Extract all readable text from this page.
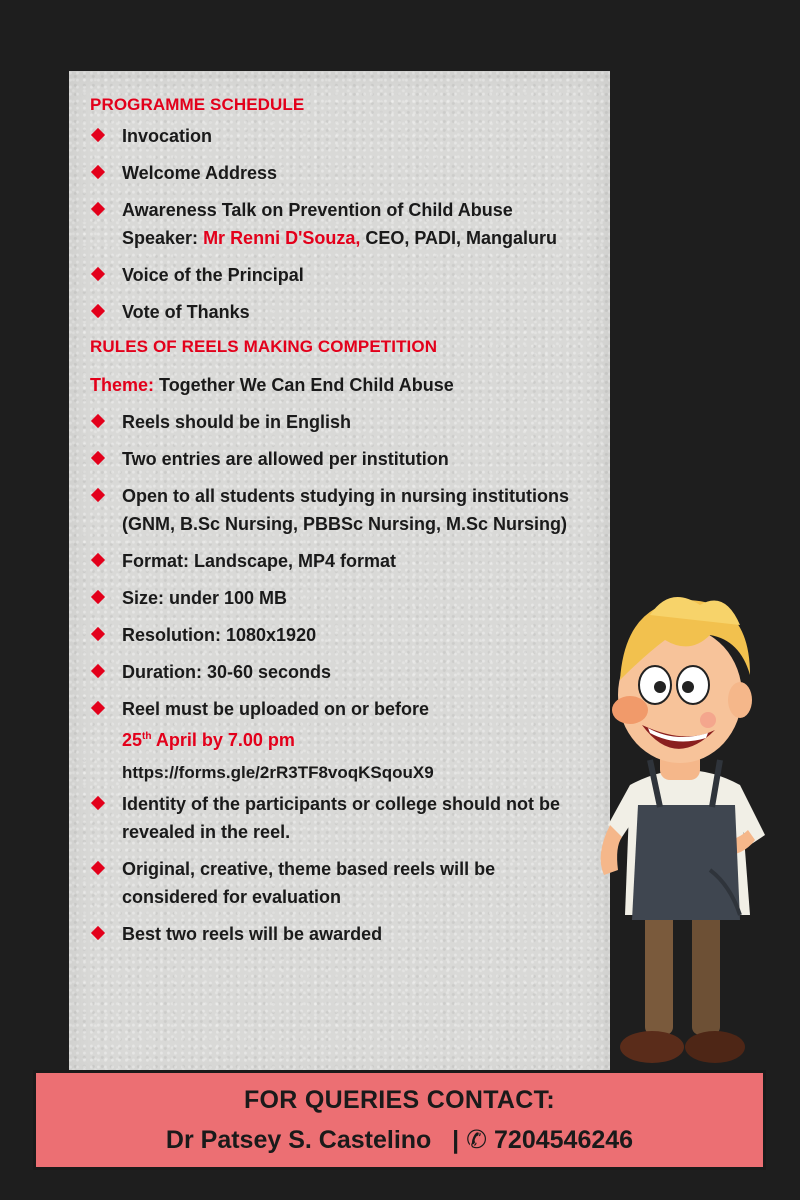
PROGRAMME SCHEDULE
Invocation
Welcome Address
Awareness Talk on Prevention of Child Abuse
Speaker: Mr Renni D'Souza, CEO, PADI, Mangaluru
Voice of the Principal
Vote of Thanks
RULES OF REELS MAKING COMPETITION
Theme: Together We Can End Child Abuse
Reels should be in English
Two entries are allowed per institution
Open to all students studying in nursing institutions
(GNM, B.Sc Nursing, PBBSc Nursing, M.Sc Nursing)
Format: Landscape, MP4 format
Size: under 100 MB
Resolution: 1080x1920
Duration: 30-60 seconds
Reel must be uploaded on or before
25th April by 7.00 pm
https://forms.gle/2rR3TF8voqKSqouX9
Identity of the participants or college should not be
revealed in the reel.
Original, creative, theme based reels will be
considered for evaluation
Best two reels will be awarded
FOR QUERIES CONTACT:
Dr Patsey S. Castelino | ✆ 7204546246
